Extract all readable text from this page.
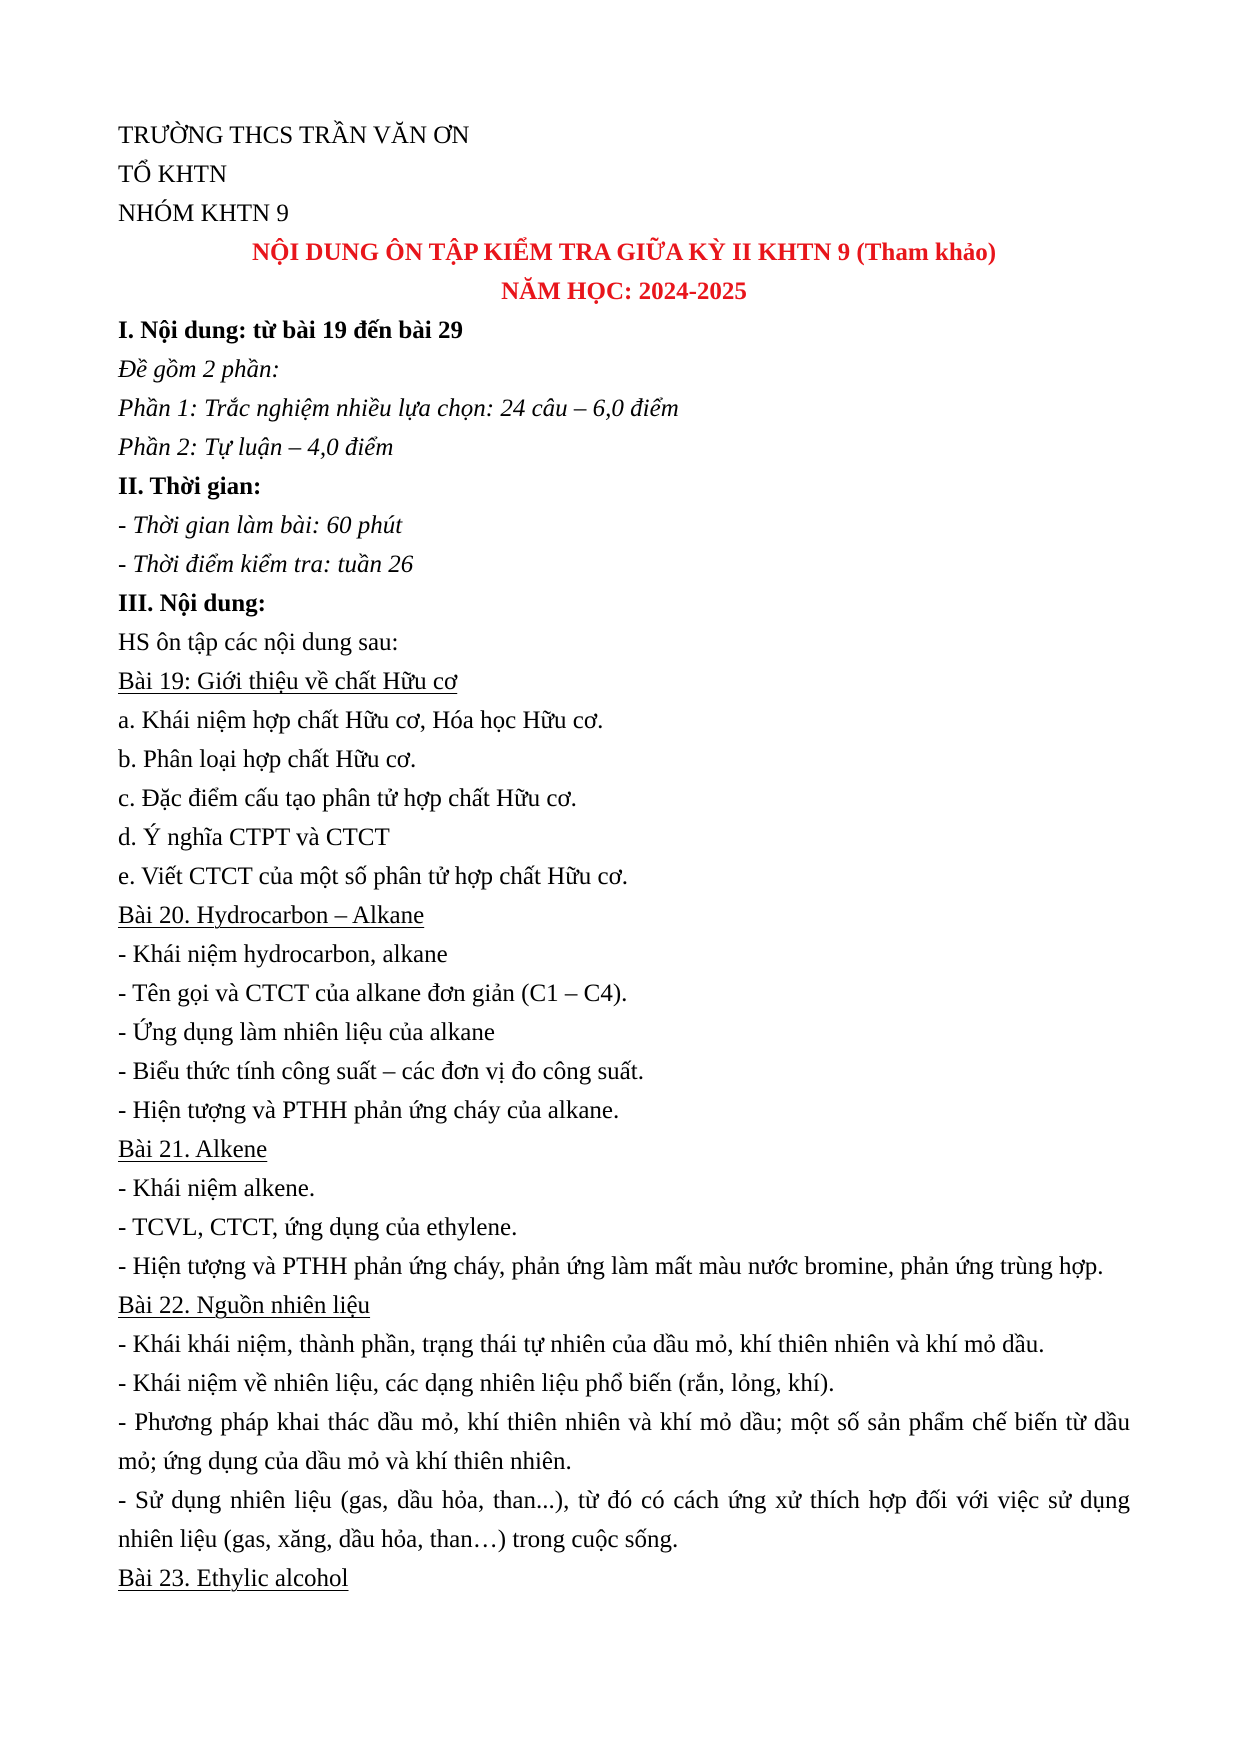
TRƯỜNG THCS TRẦN VĂN ƠN
TỔ KHTN
NHÓM KHTN 9
NỘI DUNG ÔN TẬP KIỂM TRA GIỮA KỲ II KHTN 9 (Tham khảo)
NĂM HỌC: 2024-2025
I. Nội dung: từ bài 19 đến bài 29
Đề gồm 2 phần:
Phần 1: Trắc nghiệm nhiều lựa chọn: 24 câu – 6,0 điểm
Phần 2: Tự luận – 4,0 điểm
II. Thời gian:
- Thời gian làm bài: 60 phút
- Thời điểm kiểm tra: tuần 26
III. Nội dung:
HS ôn tập các nội dung sau:
Bài 19: Giới thiệu về chất Hữu cơ
a. Khái niệm hợp chất Hữu cơ, Hóa học Hữu cơ.
b. Phân loại hợp chất Hữu cơ.
c. Đặc điểm cấu tạo phân tử hợp chất Hữu cơ.
d. Ý nghĩa CTPT và CTCT
e. Viết CTCT của một số phân tử hợp chất Hữu cơ.
Bài 20. Hydrocarbon – Alkane
- Khái niệm hydrocarbon, alkane
- Tên gọi và CTCT của alkane đơn giản (C1 – C4).
- Ứng dụng làm nhiên liệu của alkane
- Biểu thức tính công suất – các đơn vị đo công suất.
- Hiện tượng và PTHH phản ứng cháy của alkane.
Bài 21. Alkene
- Khái niệm alkene.
- TCVL, CTCT, ứng dụng của ethylene.
- Hiện tượng và PTHH phản ứng cháy, phản ứng làm mất màu nước bromine, phản ứng trùng hợp.
Bài 22. Nguồn nhiên liệu
- Khái khái niệm, thành phần, trạng thái tự nhiên của dầu mỏ, khí thiên nhiên và khí mỏ dầu.
- Khái niệm về nhiên liệu, các dạng nhiên liệu phổ biến (rắn, lỏng, khí).
- Phương pháp khai thác dầu mỏ, khí thiên nhiên và khí mỏ dầu; một số sản phẩm chế biến từ dầu mỏ; ứng dụng của dầu mỏ và khí thiên nhiên.
- Sử dụng nhiên liệu (gas, dầu hỏa, than...), từ đó có cách ứng xử thích hợp đối với việc sử dụng nhiên liệu (gas, xăng, dầu hỏa, than…) trong cuộc sống.
Bài 23. Ethylic alcohol
